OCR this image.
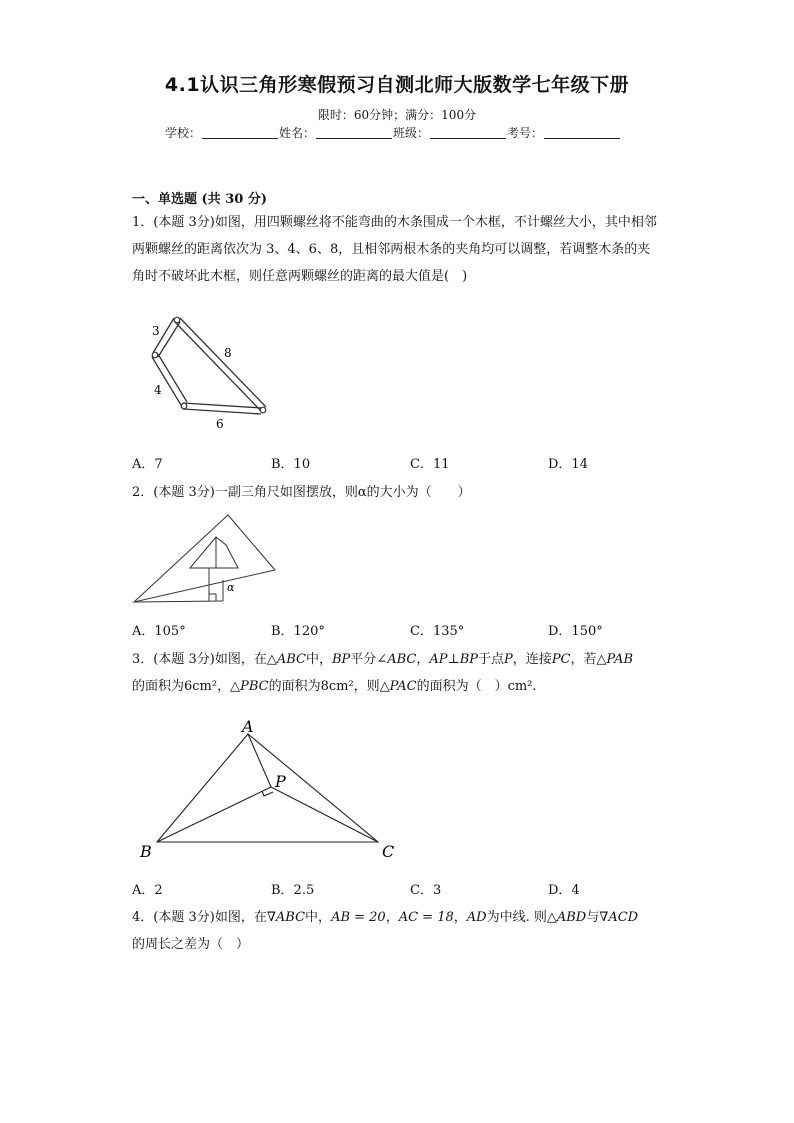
4.1认识三角形寒假预习自测北师大版数学七年级下册
限时：60分钟；满分：100分
学校：	姓名：	班级：	考号：
一、单选题 (共 30 分)
1．(本题 3分)如图，用四颗螺丝将不能弯曲的木条围成一个木框，不计螺丝大小，其中相邻两颗螺丝的距离依次为 3、4、6、8，且相邻两根木条的夹角均可以调整，若调整木条的夹角时不破坏此木框，则任意两颗螺丝的距离的最大值是(　)
3
4
6
8
A．7	B．10	C．11	D．14
2．(本题 3分)一副三角尺如图摆放，则α的大小为（　　）
α
A．105°	B．120°	C．135°	D．150°
3．(本题 3分)如图，在△ABC中，BP平分∠ABC，AP⊥BP于点P，连接PC，若△PAB
的面积为6cm²，△PBC的面积为8cm²，则△PAC的面积为（　）cm².
A
B	C
P
A．2	B．2.5	C．3	D．4
4．(本题 3分)如图，在∇ABC中，AB = 20，AC = 18，AD为中线. 则△ABD与∇ACD
的周长之差为（　）
